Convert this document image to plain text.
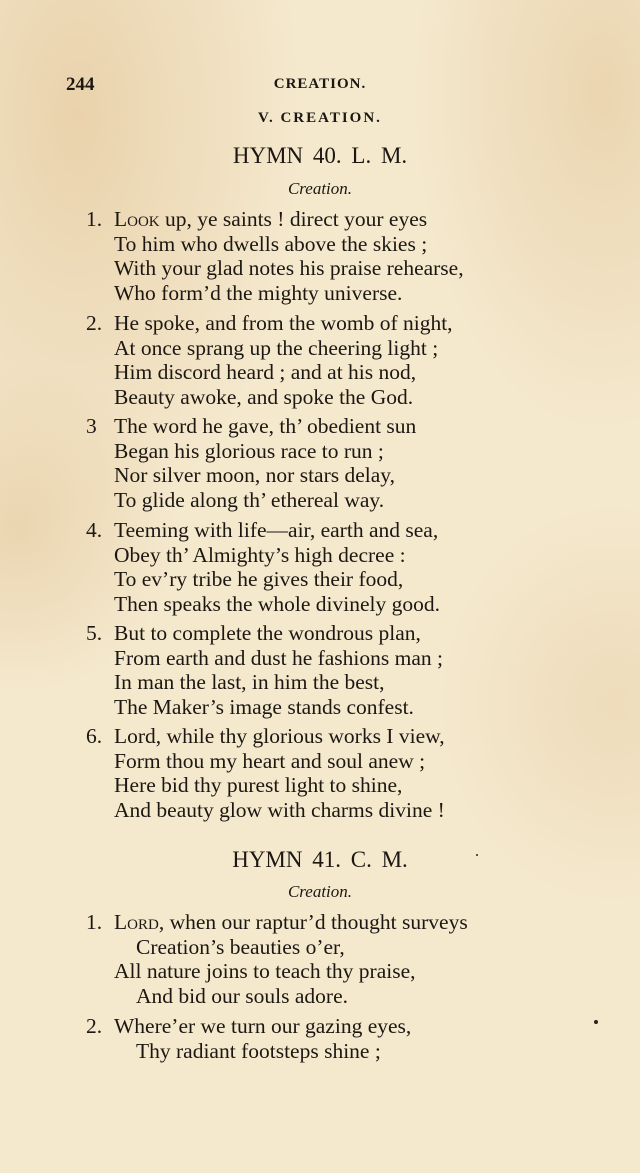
244	CREATION.
V. CREATION.
HYMN 40. L. M.
Creation.
1. Look up, ye saints ! direct your eyes
To him who dwells above the skies ;
With your glad notes his praise rehearse,
Who form’d the mighty universe.
2. He spoke, and from the womb of night,
At once sprang up the cheering light ;
Him discord heard ; and at his nod,
Beauty awoke, and spoke the God.
3 The word he gave, th’ obedient sun
Began his glorious race to run ;
Nor silver moon, nor stars delay,
To glide along th’ ethereal way.
4. Teeming with life—air, earth and sea,
Obey th’ Almighty’s high decree :
To ev’ry tribe he gives their food,
Then speaks the whole divinely good.
5. But to complete the wondrous plan,
From earth and dust he fashions man ;
In man the last, in him the best,
The Maker’s image stands confest.
6. Lord, while thy glorious works I view,
Form thou my heart and soul anew ;
Here bid thy purest light to shine,
And beauty glow with charms divine !
HYMN 41. C. M.
Creation.
1. Lord, when our raptur’d thought surveys
Creation’s beauties o’er,
All nature joins to teach thy praise,
And bid our souls adore.
2. Where’er we turn our gazing eyes,
Thy radiant footsteps shine ;
